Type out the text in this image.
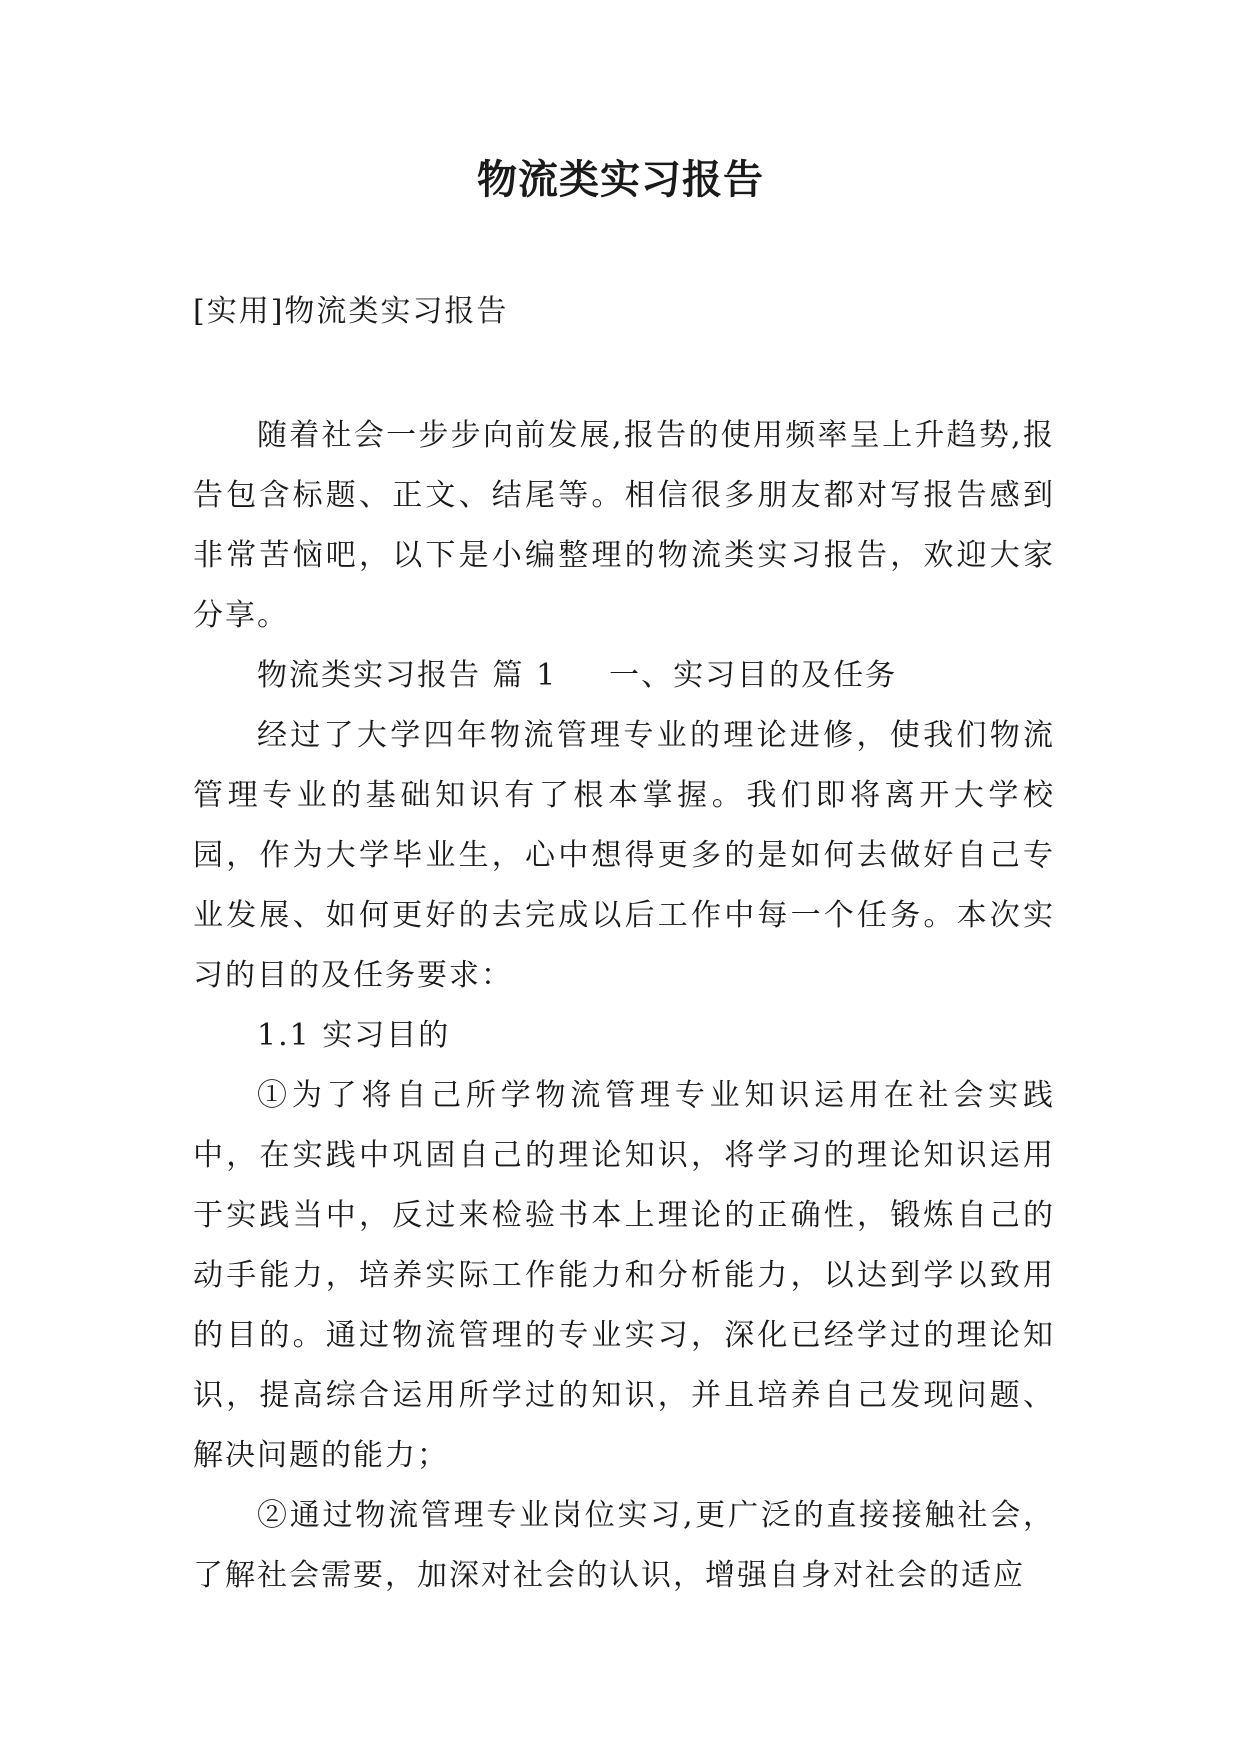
物流类实习报告

[实用]物流类实习报告

随着社会一步步向前发展,报告的使用频率呈上升趋势,报告包含标题、正文、结尾等。相信很多朋友都对写报告感到非常苦恼吧，以下是小编整理的物流类实习报告，欢迎大家分享。

物流类实习报告 篇 1 一、实习目的及任务

经过了大学四年物流管理专业的理论进修，使我们物流管理专业的基础知识有了根本掌握。我们即将离开大学校园，作为大学毕业生，心中想得更多的是如何去做好自己专业发展、如何更好的去完成以后工作中每一个任务。本次实习的目的及任务要求：

1.1 实习目的

①为了将自己所学物流管理专业知识运用在社会实践中，在实践中巩固自己的理论知识，将学习的理论知识运用于实践当中，反过来检验书本上理论的正确性，锻炼自己的动手能力，培养实际工作能力和分析能力，以达到学以致用的目的。通过物流管理的专业实习，深化已经学过的理论知识，提高综合运用所学过的知识，并且培养自己发现问题、解决问题的能力；

②通过物流管理专业岗位实习,更广泛的直接接触社会，了解社会需要，加深对社会的认识，增强自身对社会的适应
